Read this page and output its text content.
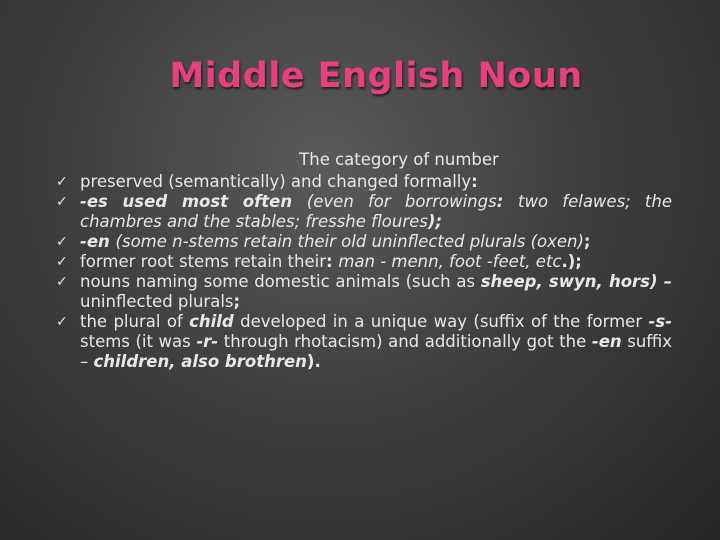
Middle English Noun
The category of number
✓ preserved (semantically) and changed formally:
✓ -es used most often (even for borrowings: two felawes; the chambres and the stables; fresshe floures);
✓ -en (some n-stems retain their old uninflected plurals (oxen);
✓ former root stems retain their: man - menn, foot -feet, etc.);
✓ nouns naming some domestic animals (such as sheep, swyn, hors) – uninflected plurals;
✓ the plural of child developed in a unique way (suffix of the former -s- stems (it was -r- through rhotacism) and additionally got the -en suffix – children, also brothren).
